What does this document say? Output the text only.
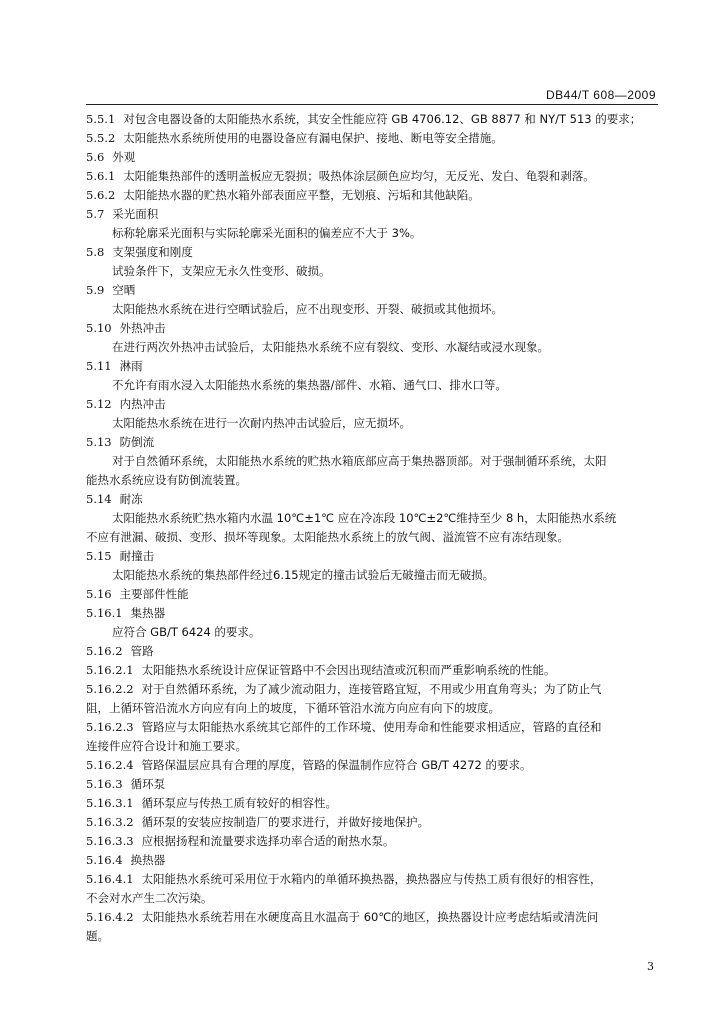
DB44/T 608—2009
5.5.1 对包含电器设备的太阳能热水系统，其安全性能应符 GB 4706.12、GB 8877 和 NY/T 513 的要求；
5.5.2 太阳能热水系统所使用的电器设备应有漏电保护、接地、断电等安全措施。
5.6 外观
5.6.1 太阳能集热部件的透明盖板应无裂损；吸热体涂层颜色应均匀，无反光、发白、龟裂和剥落。
5.6.2 太阳能热水器的贮热水箱外部表面应平整，无划痕、污垢和其他缺陷。
5.7 采光面积
标称轮廓采光面积与实际轮廓采光面积的偏差应不大于 3%。
5.8 支架强度和刚度
试验条件下，支架应无永久性变形、破损。
5.9 空晒
太阳能热水系统在进行空晒试验后，应不出现变形、开裂、破损或其他损坏。
5.10 外热冲击
在进行两次外热冲击试验后，太阳能热水系统不应有裂纹、变形、水凝结或浸水现象。
5.11 淋雨
不允许有雨水浸入太阳能热水系统的集热器/部件、水箱、通气口、排水口等。
5.12 内热冲击
太阳能热水系统在进行一次耐内热冲击试验后，应无损坏。
5.13 防倒流
对于自然循环系统，太阳能热水系统的贮热水箱底部应高于集热器顶部。对于强制循环系统，太阳
能热水系统应设有防倒流装置。
5.14 耐冻
太阳能热水系统贮热水箱内水温 10℃±1℃ 应在冷冻段 10℃±2℃维持至少 8 h，太阳能热水系统
不应有泄漏、破损、变形、损坏等现象。太阳能热水系统上的放气阀、溢流管不应有冻结现象。
5.15 耐撞击
太阳能热水系统的集热部件经过6.15规定的撞击试验后无破撞击而无破损。
5.16 主要部件性能
5.16.1 集热器
应符合 GB/T 6424 的要求。
5.16.2 管路
5.16.2.1 太阳能热水系统设计应保证管路中不会因出现结渣或沉积而严重影响系统的性能。
5.16.2.2 对于自然循环系统，为了减少流动阻力，连接管路宜短，不用或少用直角弯头；为了防止气
阻，上循环管沿流水方向应有向上的坡度，下循环管沿水流方向应有向下的坡度。
5.16.2.3 管路应与太阳能热水系统其它部件的工作环境、使用寿命和性能要求相适应，管路的直径和
连接件应符合设计和施工要求。
5.16.2.4 管路保温层应具有合理的厚度，管路的保温制作应符合 GB/T 4272 的要求。
5.16.3 循环泵
5.16.3.1 循环泵应与传热工质有较好的相容性。
5.16.3.2 循环泵的安装应按制造厂的要求进行，并做好接地保护。
5.16.3.3 应根据扬程和流量要求选择功率合适的耐热水泵。
5.16.4 换热器
5.16.4.1 太阳能热水系统可采用位于水箱内的单循环换热器，换热器应与传热工质有很好的相容性，
不会对水产生二次污染。
5.16.4.2 太阳能热水系统若用在水硬度高且水温高于 60℃的地区，换热器设计应考虑结垢或清洗问
题。
3
